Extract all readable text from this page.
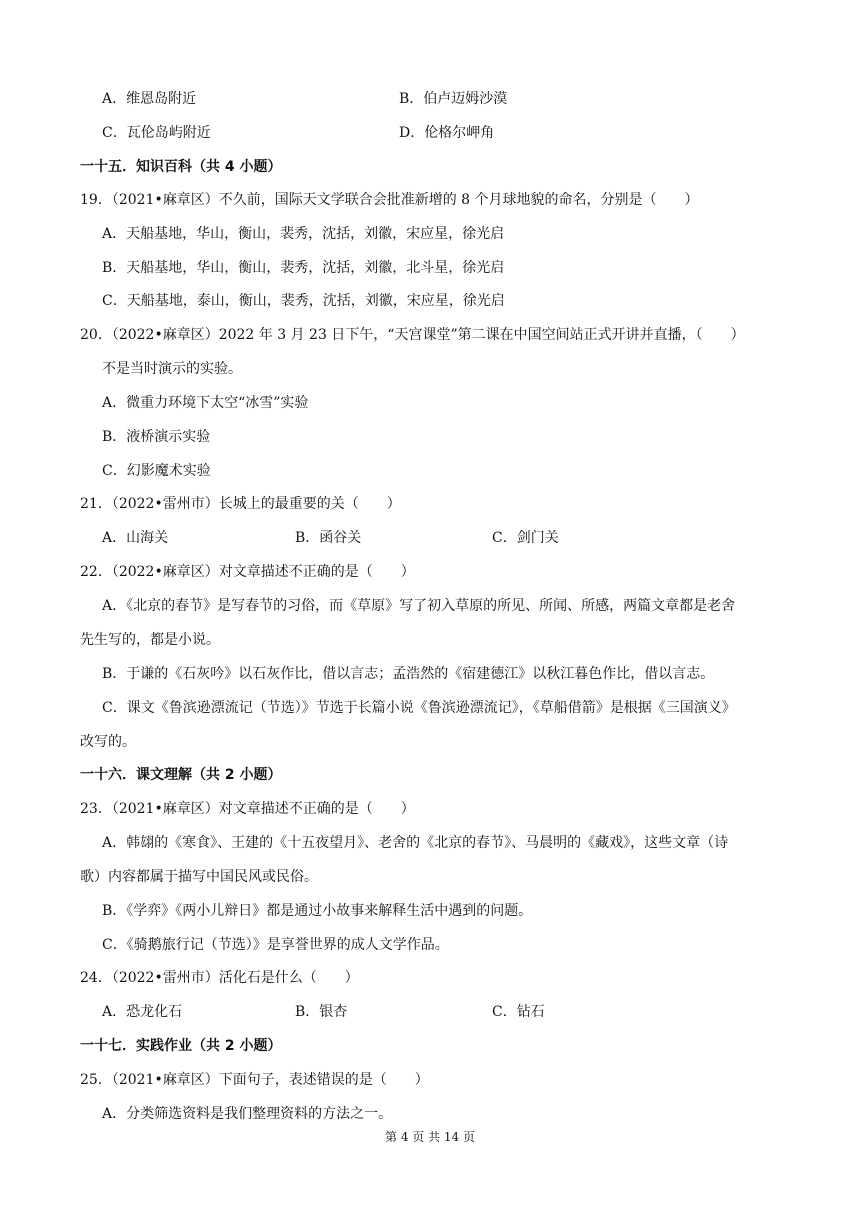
A．维恩岛附近	B．伯卢迈姆沙漠
C．瓦伦岛屿附近	D．伦格尔岬角
一十五．知识百科（共 4 小题）
19．（2021•麻章区）不久前，国际天文学联合会批准新增的 8 个月球地貌的命名，分别是（　　）
A．天船基地，华山，衡山，裴秀，沈括，刘徽，宋应星，徐光启
B．天船基地，华山，衡山，裴秀，沈括，刘徽，北斗星，徐光启
C．天船基地，泰山，衡山，裴秀，沈括，刘徽，宋应星，徐光启
20．（2022•麻章区）2022 年 3 月 23 日下午，“天宫课堂”第二课在中国空间站正式开讲并直播，（　　）
不是当时演示的实验。
A．微重力环境下太空“冰雪”实验
B．液桥演示实验
C．幻影魔术实验
21．（2022•雷州市）长城上的最重要的关（　　）
A．山海关	B．函谷关	C．剑门关
22．（2022•麻章区）对文章描述不正确的是（　　）
A．《北京的春节》是写春节的习俗，而《草原》写了初入草原的所见、所闻、所感，两篇文章都是老舍
先生写的，都是小说。
B．于谦的《石灰吟》以石灰作比，借以言志；孟浩然的《宿建德江》以秋江暮色作比，借以言志。
C．课文《鲁滨逊漂流记（节选）》节选于长篇小说《鲁滨逊漂流记》，《草船借箭》是根据《三国演义》
改写的。
一十六．课文理解（共 2 小题）
23．（2021•麻章区）对文章描述不正确的是（　　）
A．韩翃的《寒食》、王建的《十五夜望月》、老舍的《北京的春节》、马晨明的《藏戏》，这些文章（诗
歌）内容都属于描写中国民风或民俗。
B．《学弈》《两小儿辩日》都是通过小故事来解释生活中遇到的问题。
C．《骑鹅旅行记（节选）》是享誉世界的成人文学作品。
24．（2022•雷州市）活化石是什么（　　）
A．恐龙化石	B．银杏	C．钻石
一十七．实践作业（共 2 小题）
25．（2021•麻章区）下面句子，表述错误的是（　　）
A．分类筛选资料是我们整理资料的方法之一。
第 4 页 共 14 页
